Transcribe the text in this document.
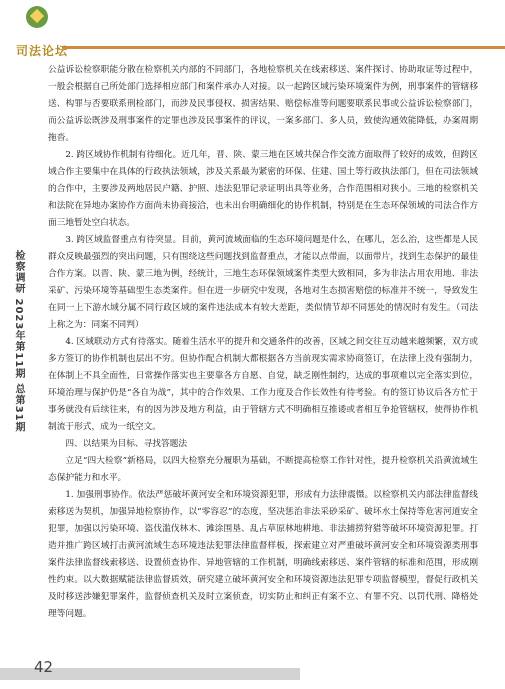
司法论坛
检察调研 2023年第11期 总第31期

公益诉讼检察职能分散在检察机关内部的不同部门，各地检察机关在线索移送、案件探讨、协助取证等过程中，一般会根据自己所处部门选择相应部门和案件承办人对接。以一起跨区域污染环境案件为例，刑事案件的管辖移送、构罪与否要联系刑检部门，而涉及民事侵权、损害结果、赔偿标准等问题要联系民事或公益诉讼检察部门，而公益诉讼既涉及刑事案件的定罪也涉及民事案件的评议，一案多部门、多人员，致使沟通效能降低，办案周期拖沓。

2. 跨区域协作机制有待细化。近几年，晋、陕、蒙三地在区域共保合作交流方面取得了较好的成效，但跨区域合作主要集中在具体的行政执法领域，涉及关系最为紧密的环保、住建、国土等行政执法部门，但在司法领域的合作中，主要涉及两地居民户籍、护照、违法犯罪记录证明出具等业务，合作范围相对狭小。三地的检察机关和法院在异地办案协作方面尚未协商接洽，也未出台明确细化的协作机制，特别是在生态环保领域的司法合作方面三地暂处空白状态。

3. 跨区域监督重点有待突显。目前，黄河流域面临的生态环境问题是什么，在哪儿，怎么治，这些都是人民群众反映最强烈的突出问题，只有围绕这些问题找到监督重点，才能以点带面，以面带片，找到生态保护的最佳合作方案。以晋、陕、蒙三地为例，经统计，三地生态环保领域案件类型大致相同，多为非法占用农用地、非法采矿、污染环境等基础型生态类案件。但在进一步研究中发现，各地对生态损害赔偿的标准并不统一，导致发生在同一上下游水域分属不同行政区域的案件违法成本有较大差距，类似情节却不同惩处的情况时有发生。（司法上称之为：同案不同判）

4. 区域联动方式有待落实。随着生活水平的提升和交通条件的改善，区域之间交往互动越来越频繁，双方或多方签订的协作机制也层出不穷。但协作配合机制大都根据各方当前现实需求协商签订，在法律上没有强制力，在体制上不具全面性，日常操作落实也主要靠各方自愿、自觉，缺乏刚性制约，达成的事项难以完全落实到位，环境治理与保护仍是“各自为战”，其中的合作效果、工作力度及合作长效性有待考验。有的签订协议后各方忙于事务就没有后续往来，有的因为涉及地方利益，由于管辖方式不明确相互推诿或者相互争抢管辖权，使得协作机制流于形式，成为一纸空文。

四、以结果为目标、寻找答题法

立足“四大检察”新格局，以四大检察充分履职为基础，不断提高检察工作针对性，提升检察机关沿黄流域生态保护能力和水平。

1. 加强刑事协作。依法严惩破坏黄河安全和环境资源犯罪，形成有力法律震慑。以检察机关内部法律监督线索移送为契机，加强异地检察协作，以“零容忍”的态度，坚决惩治非法采砂采矿、破坏水土保持等危害河道安全犯罪，加强以污染环境、盗伐滥伐林木、滩涂围垦、乱占草原林地耕地、非法捕捞狩猎等破坏环境资源犯罪。打造并推广跨区域打击黄河流域生态环境违法犯罪法律监督样板，探索建立对严重破坏黄河安全和环境资源类刑事案件法律监督线索移送、设置侦查协作、异地管辖的工作机制，明确线索移送、案件管辖的标准和范围，形成刚性约束。以大数据赋能法律监督质效，研究建立破坏黄河安全和环境资源违法犯罪专项监督模型，督促行政机关及时移送涉嫌犯罪案件，监督侦查机关及时立案侦查，切实防止和纠正有案不立、有罪不究、以罚代刑、降格处理等问题。

42
